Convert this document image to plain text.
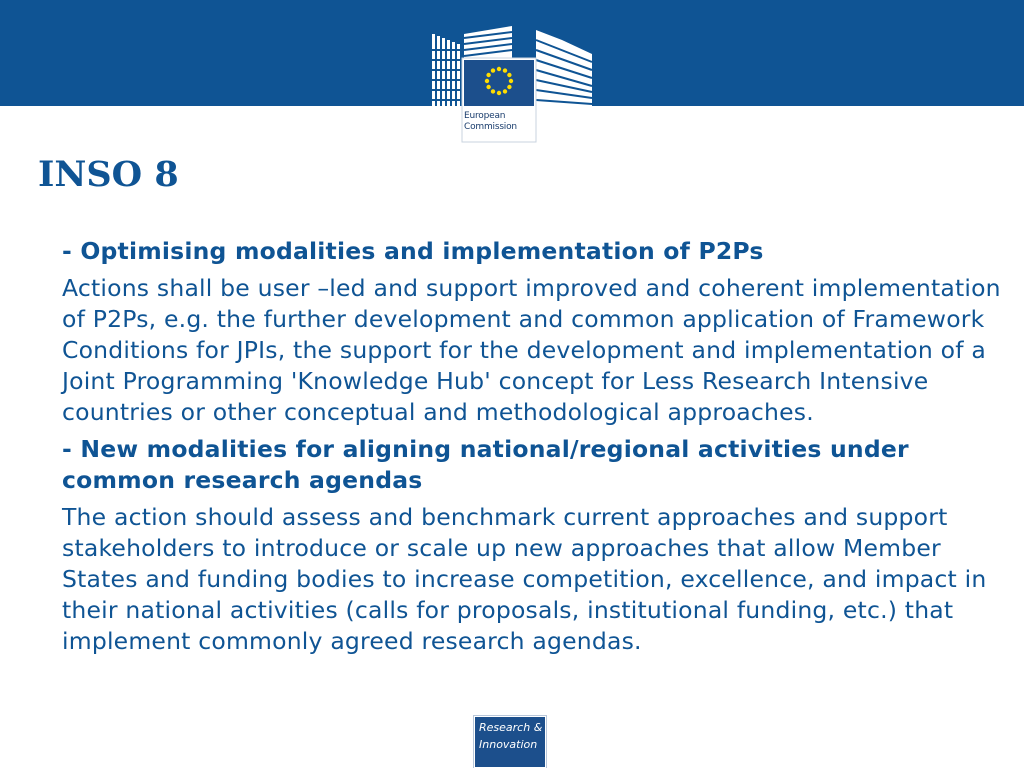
European
Commission
INSO 8

- Optimising modalities and implementation of P2Ps

Actions shall be user –led and support improved and coherent implementation of P2Ps, e.g. the further development and common application of Framework Conditions for JPIs, the support for the development and implementation of a Joint Programming 'Knowledge Hub' concept for Less Research Intensive countries or other conceptual and methodological approaches.

- New modalities for aligning national/regional activities under common research agendas

The action should assess and benchmark current approaches and support stakeholders to introduce or scale up new approaches that allow Member States and funding bodies to increase competition, excellence, and impact in their national activities (calls for proposals, institutional funding, etc.) that implement commonly agreed research agendas.

Research &
Innovation
